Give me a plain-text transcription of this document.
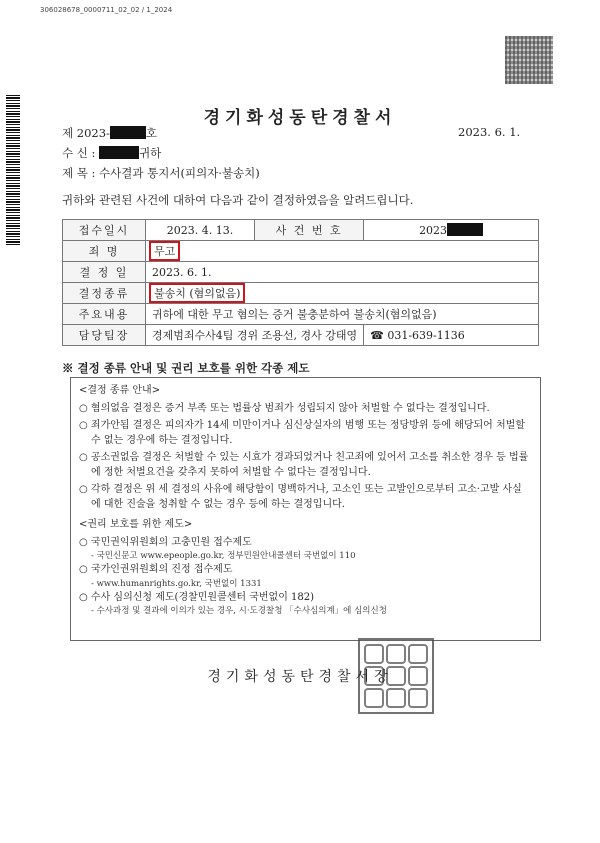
306028678_0000711_02_02 / 1_2024
경기화성동탄경찰서
제 2023-	호	2023. 6. 1.
수 신 :	귀하
제 목 : 수사결과 통지서(피의자·불송치)
귀하와 관련된 사건에 대하여 다음과 같이 결정하였음을 알려드립니다.
접수일시	2023. 4. 13.	사 건 번 호	2023
죄 명	무고		
결 정 일	2023. 6. 1.		
결정종류	불송치 (혐의없음)		
주요내용	귀하에 대한 무고 혐의는 증거 불충분하여 불송치(혐의없음)		
담당팀장	경제범죄수사4팀 경위 조용선, 경사 강태영		☎ 031-639-1136
※ 결정 종류 안내 및 권리 보호를 위한 각종 제도
<결정 종류 안내>
○ 혐의없음 결정은 증거 부족 또는 법률상 범죄가 성립되지 않아 처벌할 수 없다는 결정입니다.
○ 죄가안됨 결정은 피의자가 14세 미만이거나 심신상실자의 범행 또는 정당방위 등에 해당되어 처벌할 수 없는 경우에 하는 결정입니다.
○ 공소권없음 결정은 처벌할 수 있는 시효가 경과되었거나 친고죄에 있어서 고소를 취소한 경우 등 법률에 정한 처벌요건을 갖추지 못하여 처벌할 수 없다는 결정입니다.
○ 각하 결정은 위 세 결정의 사유에 해당함이 명백하거나, 고소인 또는 고발인으로부터 고소·고발 사실에 대한 진술을 청취할 수 없는 경우 등에 하는 결정입니다.
<권리 보호를 위한 제도>
○ 국민권익위원회의 고충민원 접수제도
- 국민신문고 www.epeople.go.kr, 정부민원안내콜센터 국번없이 110
○ 국가인권위원회의 진정 접수제도
- www.humanrights.go.kr, 국번없이 1331
○ 수사 심의신청 제도(경찰민원콜센터 국번없이 182)
- 수사과정 및 결과에 이의가 있는 경우, 시·도경찰청 「수사심의계」에 심의신청
경기화성동탄경찰서장
